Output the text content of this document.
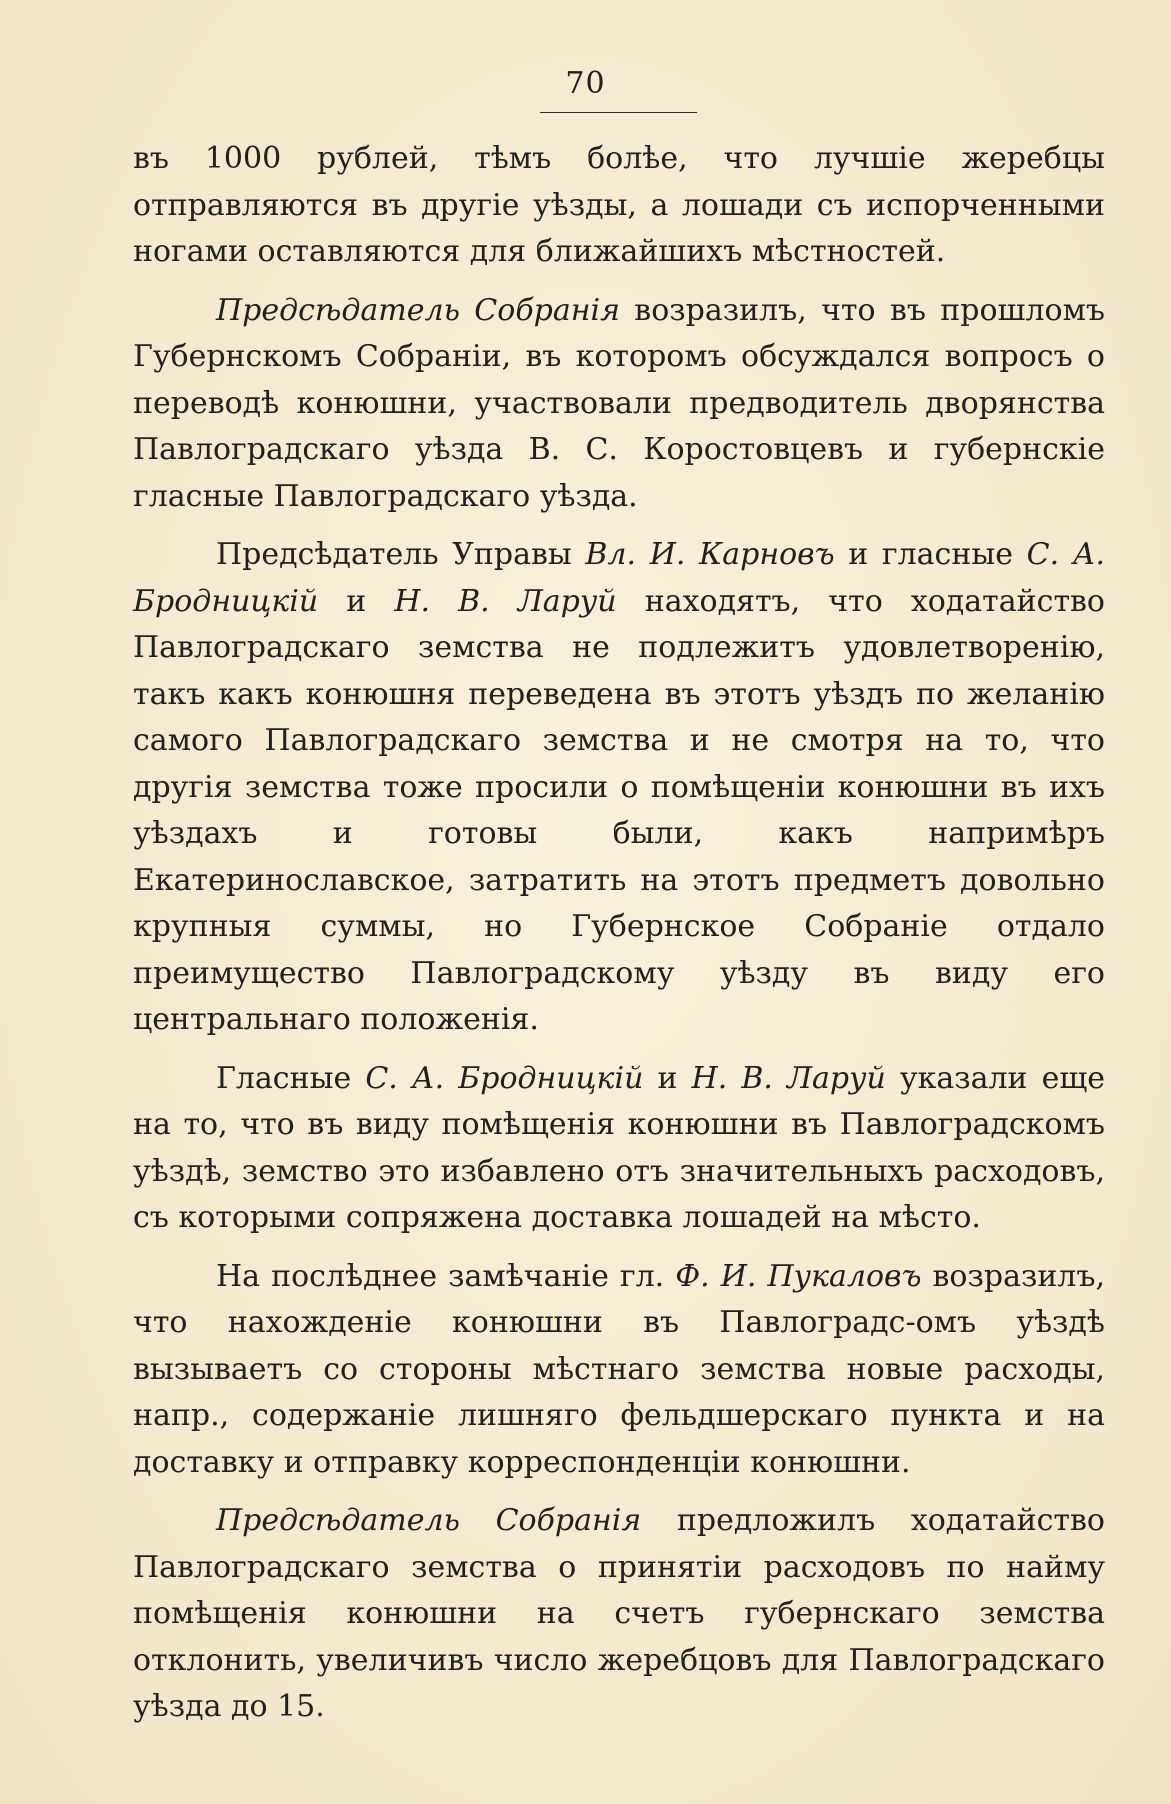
70

въ 1000 рублей, тѣмъ болѣе, что лучшіе жеребцы отправляются въ другіе уѣзды, а лошади съ испорченными ногами оставляются для ближайшихъ мѣстностей.

Предсѣдатель Собранія возразилъ, что въ прошломъ Губернскомъ Собраніи, въ которомъ обсуждался вопросъ о переводѣ конюшни, участвовали предводитель дворянства Павлоградскаго уѣзда В. С. Коростовцевъ и губернскіе гласные Павлоградскаго уѣзда.

Предсѣдатель Управы Вл. И. Карновъ и гласные С. А. Бродницкій и Н. В. Ларуй находятъ, что ходатайство Павлоградскаго земства не подлежитъ удовлетворенію, такъ какъ конюшня переведена въ этотъ уѣздъ по желанію самого Павлоградскаго земства и не смотря на то, что другія земства тоже просили о помѣщеніи конюшни въ ихъ уѣздахъ и готовы были, какъ напримѣръ Екатеринославское, затратить на этотъ предметъ довольно крупныя суммы, но Губернское Собраніе отдало преимущество Павлоградскому уѣзду въ виду его центральнаго положенія.

Гласные С. А. Бродницкій и Н. В. Ларуй указали еще на то, что въ виду помѣщенія конюшни въ Павлоградскомъ уѣздѣ, земство это избавлено отъ значительныхъ расходовъ, съ которыми сопряжена доставка лошадей на мѣсто.

На послѣднее замѣчаніе гл. Ф. И. Пукаловъ возразилъ, что нахожденіе конюшни въ Павлоградс-омъ уѣздѣ вызываетъ со стороны мѣстнаго земства новые расходы, напр., содержаніе лишняго фельдшерскаго пункта и на доставку и отправку корреспонденціи конюшни.

Предсѣдатель Собранія предложилъ ходатайство Павлоградскаго земства о принятіи расходовъ по найму помѣщенія конюшни на счетъ губернскаго земства отклонить, увеличивъ число жеребцовъ для Павлоградскаго уѣзда до 15.
